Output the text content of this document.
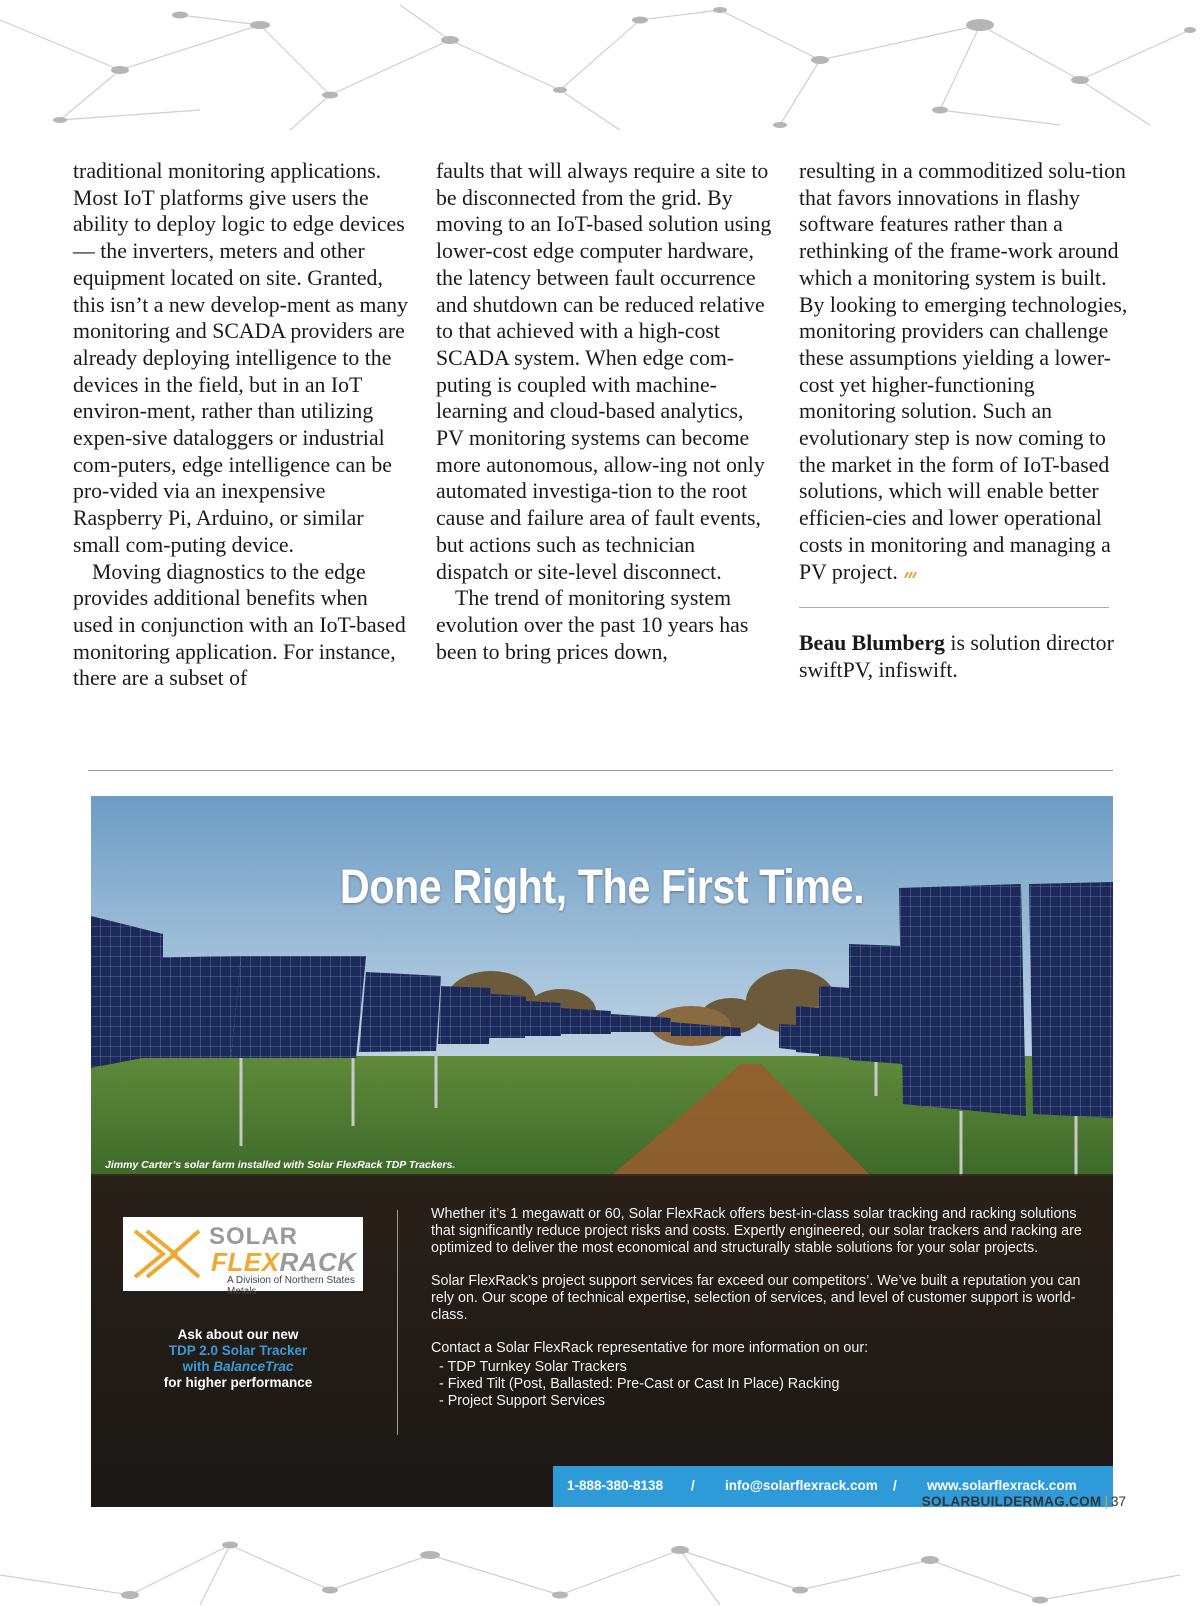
traditional monitoring applications. Most IoT platforms give users the ability to deploy logic to edge devices — the inverters, meters and other equipment located on site. Granted, this isn’t a new develop-ment as many monitoring and SCADA providers are already deploying intelligence to the devices in the field, but in an IoT environ-ment, rather than utilizing expen-sive dataloggers or industrial com-puters, edge intelligence can be pro-vided via an inexpensive Raspberry Pi, Arduino, or similar small com-puting device.

Moving diagnostics to the edge provides additional benefits when used in conjunction with an IoT-based monitoring application. For instance, there are a subset of

faults that will always require a site to be disconnected from the grid. By moving to an IoT-based solution using lower-cost edge computer hardware, the latency between fault occurrence and shutdown can be reduced relative to that achieved with a high-cost SCADA system. When edge com-puting is coupled with machine-learning and cloud-based analytics, PV monitoring systems can become more autonomous, allow-ing not only automated investiga-tion to the root cause and failure area of fault events, but actions such as technician dispatch or site-level disconnect.

The trend of monitoring system evolution over the past 10 years has been to bring prices down,

resulting in a commoditized solu-tion that favors innovations in flashy software features rather than a rethinking of the frame-work around which a monitoring system is built. By looking to emerging technologies, monitoring providers can challenge these assumptions yielding a lower-cost yet higher-functioning monitoring solution. Such an evolutionary step is now coming to the market in the form of IoT-based solutions, which will enable better efficien-cies and lower operational costs in monitoring and managing a PV project.

Beau Blumberg is solution director swiftPV, infiswift.

Done Right, The First Time.
Jimmy Carter’s solar farm installed with Solar FlexRack TDP Trackers.
SOLAR
FLEXRACK
A Division of Northern States Metals
Ask about our new
TDP 2.0 Solar Tracker
with BalanceTrac
for higher performance

Whether it’s 1 megawatt or 60, Solar FlexRack offers best-in-class solar tracking and racking solutions that significantly reduce project risks and costs. Expertly engineered, our solar trackers and racking are optimized to deliver the most economical and structurally stable solutions for your solar projects.

Solar FlexRack’s project support services far exceed our competitors’. We’ve built a reputation you can rely on. Our scope of technical expertise, selection of services, and level of customer support is world-class.

Contact a Solar FlexRack representative for more information on our:

- TDP Turnkey Solar Trackers
- Fixed Tilt (Post, Ballasted: Pre-Cast or Cast In Place) Racking
- Project Support Services
1-888-380-8138 / info@solarflexrack.com / www.solarflexrack.com
SOLARBUILDERMAG.COM | 37
